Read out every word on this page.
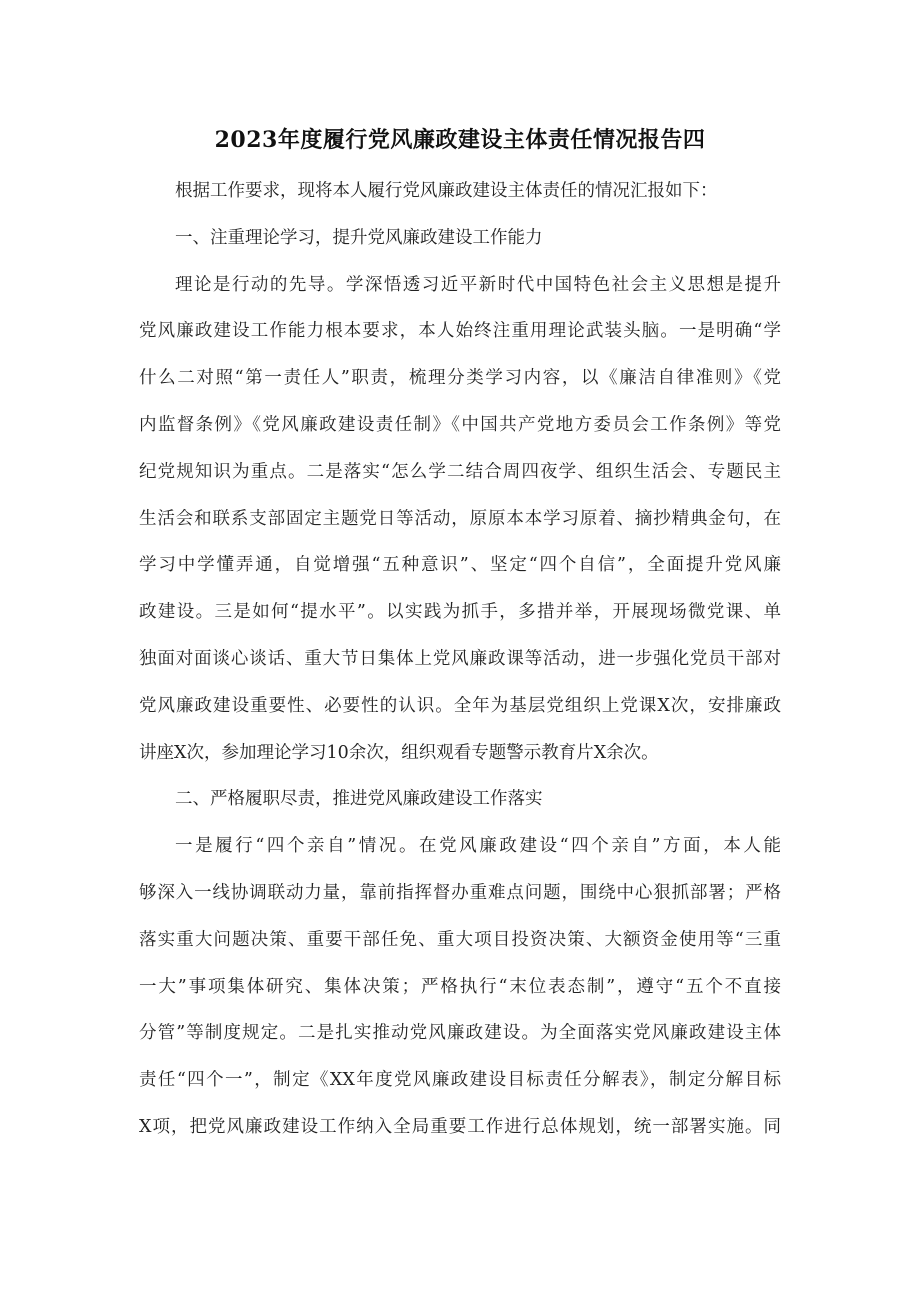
2023年度履行党风廉政建设主体责任情况报告四
根据工作要求，现将本人履行党风廉政建设主体责任的情况汇报如下：
一、注重理论学习，提升党风廉政建设工作能力
理论是行动的先导。学深悟透习近平新时代中国特色社会主义思想是提升
党风廉政建设工作能力根本要求，本人始终注重用理论武装头脑。一是明确“学
什么二对照“第一责任人”职责，梳理分类学习内容，以《廉洁自律准则》《党
内监督条例》《党风廉政建设责任制》《中国共产党地方委员会工作条例》等党
纪党规知识为重点。二是落实“怎么学二结合周四夜学、组织生活会、专题民主
生活会和联系支部固定主题党日等活动，原原本本学习原着、摘抄精典金句，在
学习中学懂弄通，自觉增强“五种意识”、坚定“四个自信”，全面提升党风廉
政建设。三是如何“提水平”。以实践为抓手，多措并举，开展现场微党课、单
独面对面谈心谈话、重大节日集体上党风廉政课等活动，进一步强化党员干部对
党风廉政建设重要性、必要性的认识。全年为基层党组织上党课X次，安排廉政
讲座X次，参加理论学习10余次，组织观看专题警示教育片X余次。
二、严格履职尽责，推进党风廉政建设工作落实
一是履行“四个亲自”情况。在党风廉政建设“四个亲自”方面，本人能
够深入一线协调联动力量，靠前指挥督办重难点问题，围绕中心狠抓部署；严格
落实重大问题决策、重要干部任免、重大项目投资决策、大额资金使用等“三重
一大”事项集体研究、集体决策；严格执行“末位表态制”，遵守“五个不直接
分管”等制度规定。二是扎实推动党风廉政建设。为全面落实党风廉政建设主体
责任“四个一”，制定《XX年度党风廉政建设目标责任分解表》，制定分解目标
X项，把党风廉政建设工作纳入全局重要工作进行总体规划，统一部署实施。同
